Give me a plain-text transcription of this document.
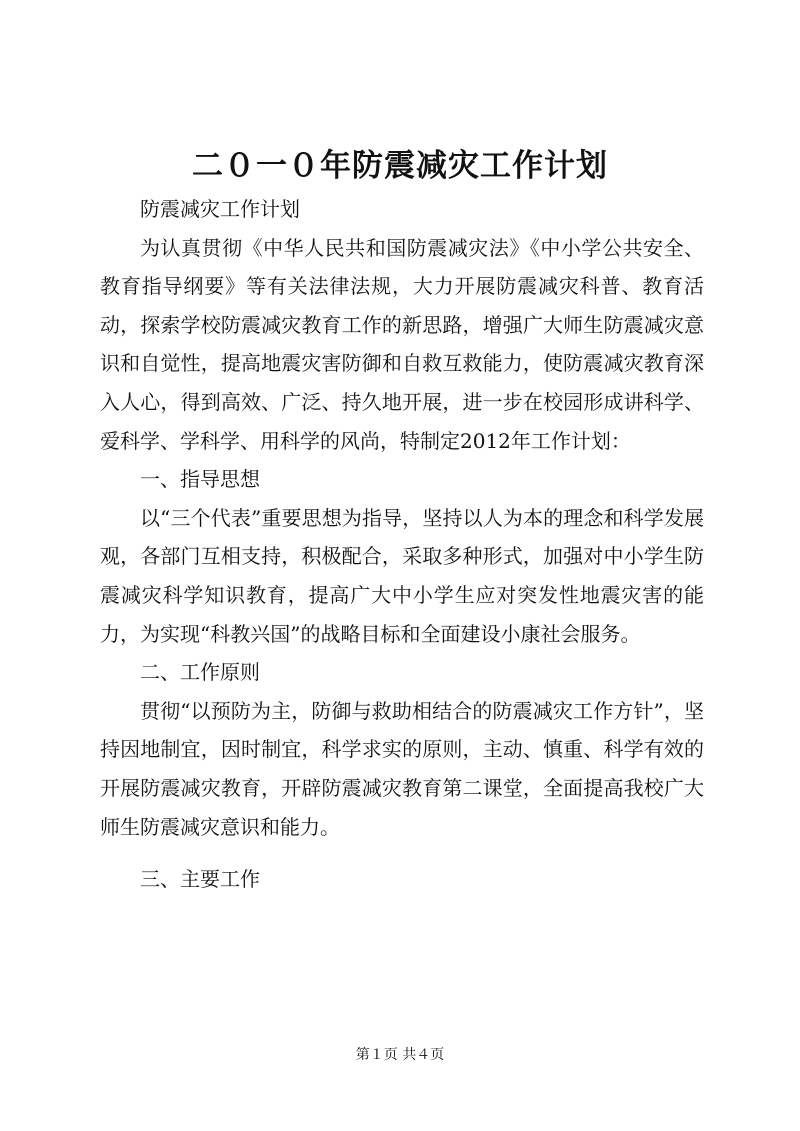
二０一０年防震减灾工作计划

防震减灾工作计划

为认真贯彻《中华人民共和国防震减灾法》《中小学公共安全、教育指导纲要》等有关法律法规，大力开展防震减灾科普、教育活动，探索学校防震减灾教育工作的新思路，增强广大师生防震减灾意识和自觉性，提高地震灾害防御和自救互救能力，使防震减灾教育深入人心，得到高效、广泛、持久地开展，进一步在校园形成讲科学、爱科学、学科学、用科学的风尚，特制定2012年工作计划：

一、指导思想

以“三个代表”重要思想为指导，坚持以人为本的理念和科学发展观，各部门互相支持，积极配合，采取多种形式，加强对中小学生防震减灾科学知识教育，提高广大中小学生应对突发性地震灾害的能力，为实现“科教兴国”的战略目标和全面建设小康社会服务。

二、工作原则

贯彻“以预防为主，防御与救助相结合的防震减灾工作方针”，坚持因地制宜，因时制宜，科学求实的原则，主动、慎重、科学有效的开展防震减灾教育，开辟防震减灾教育第二课堂，全面提高我校广大师生防震减灾意识和能力。

三、主要工作

第１页 共４页
